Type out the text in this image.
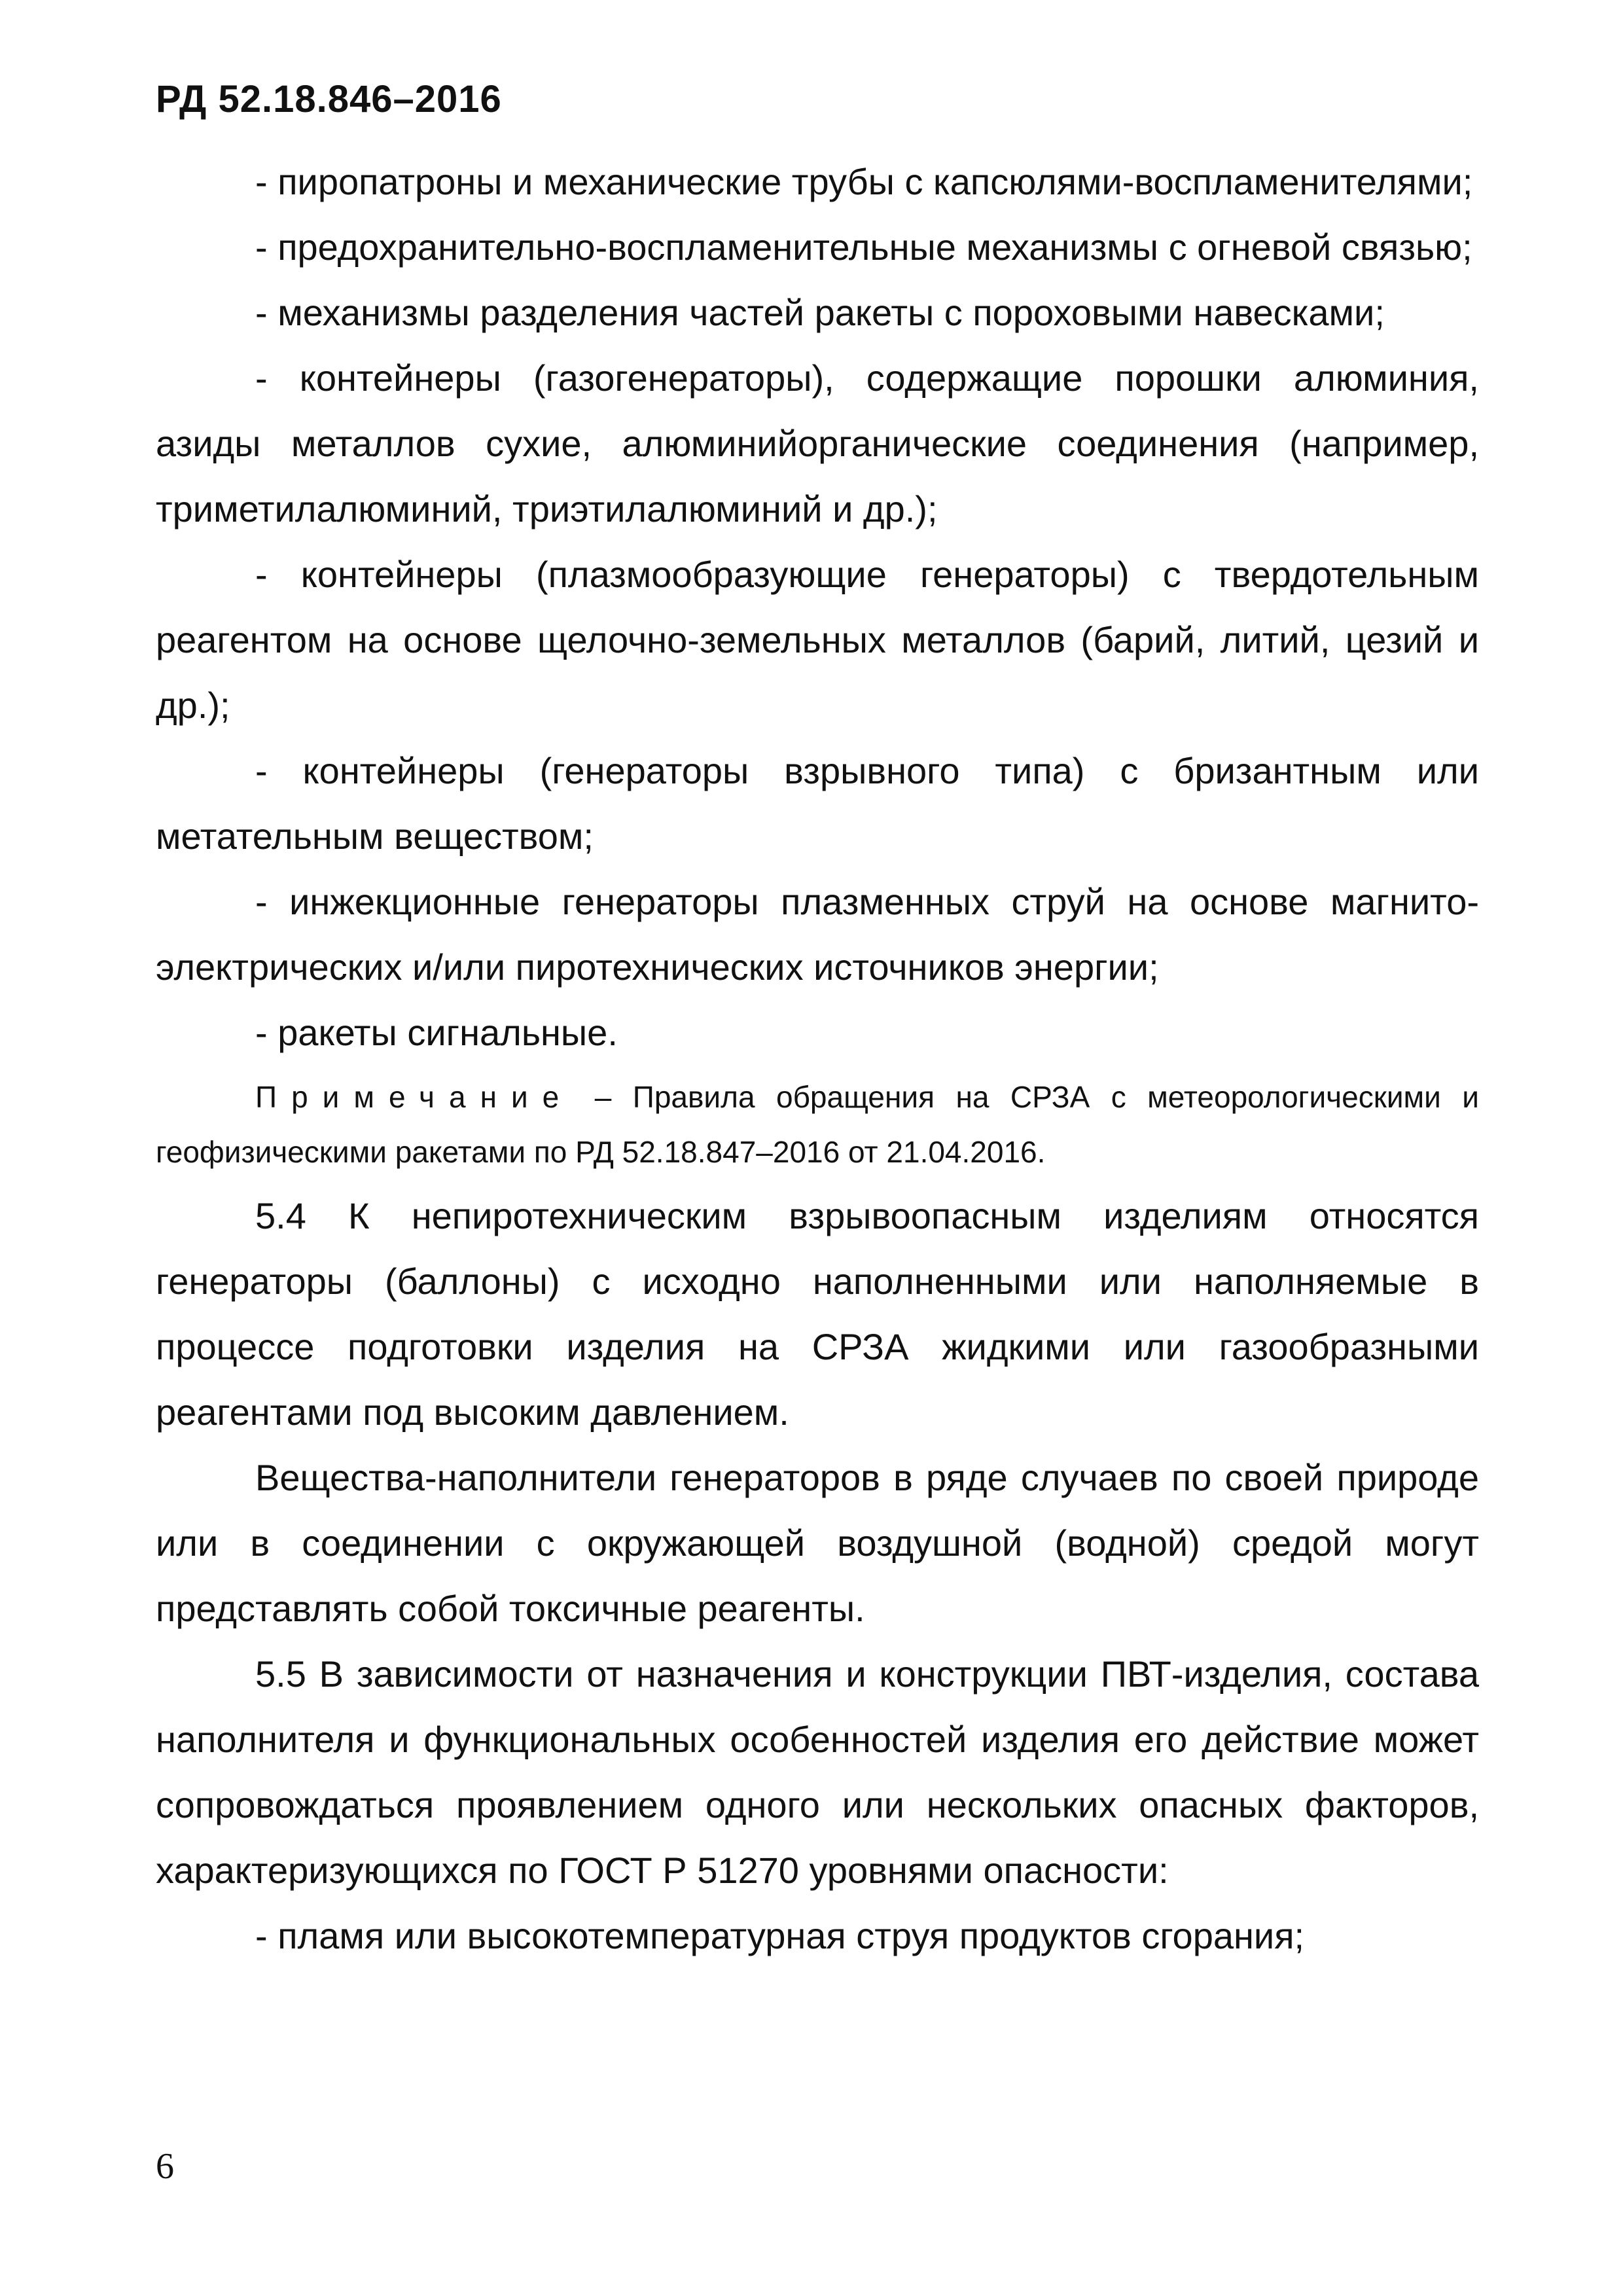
РД 52.18.846–2016

- пиропатроны и механические трубы с капсюлями-воспламенителями;

- предохранительно-воспламенительные механизмы с огневой связью;

- механизмы разделения частей ракеты с пороховыми навесками;

- контейнеры (газогенераторы), содержащие порошки алюминия, азиды металлов сухие, алюминийорганические соединения (например, триметилалюминий, триэтилалюминий и др.);

- контейнеры (плазмообразующие генераторы) с твердотельным реагентом на основе щелочно-земельных металлов (барий, литий, цезий и др.);

- контейнеры (генераторы взрывного типа) с бризантным или метательным веществом;

- инжекционные генераторы плазменных струй на основе магнито-электрических и/или пиротехнических источников энергии;

- ракеты сигнальные.

Примечание – Правила обращения на СРЗА с метеорологическими и геофизическими ракетами по РД 52.18.847–2016 от 21.04.2016.

5.4 К непиротехническим взрывоопасным изделиям относятся генераторы (баллоны) с исходно наполненными или наполняемые в процессе подготовки изделия на СРЗА жидкими или газообразными реагентами под высоким давлением.

Вещества-наполнители генераторов в ряде случаев по своей природе или в соединении с окружающей воздушной (водной) средой могут представлять собой токсичные реагенты.

5.5 В зависимости от назначения и конструкции ПВТ-изделия, состава наполнителя и функциональных особенностей изделия его действие может сопровождаться проявлением одного или нескольких опасных факторов, характеризующихся по ГОСТ Р 51270 уровнями опасности:

- пламя или высокотемпературная струя продуктов сгорания;

6
